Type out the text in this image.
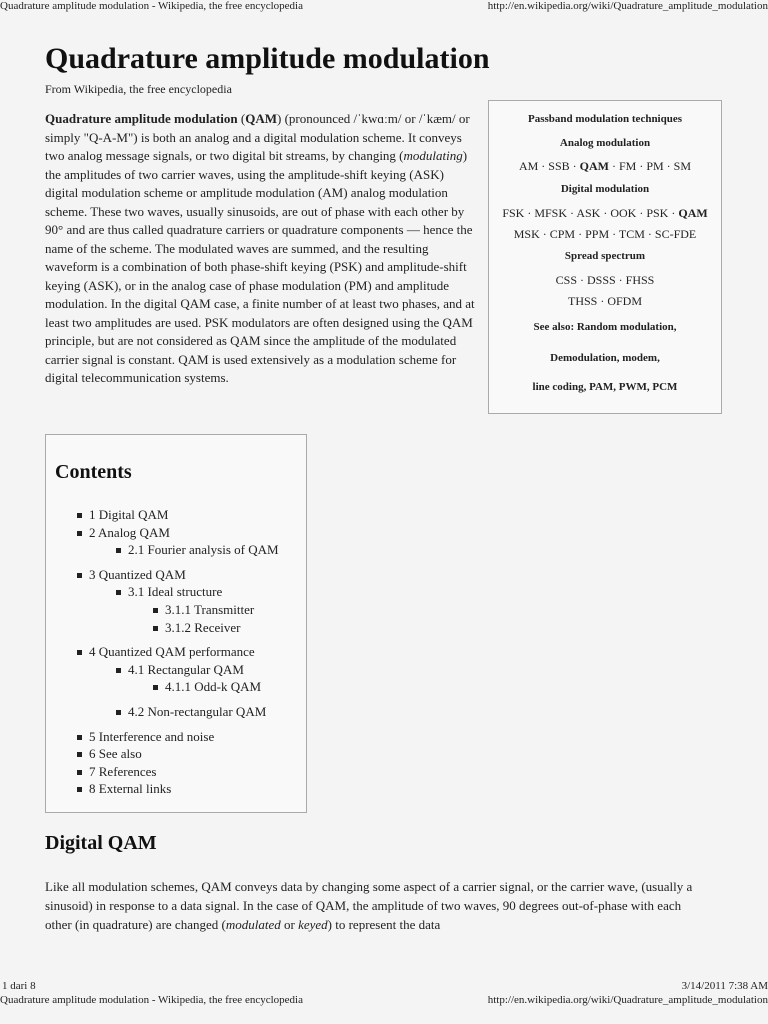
Quadrature amplitude modulation - Wikipedia, the free encyclopedia	http://en.wikipedia.org/wiki/Quadrature_amplitude_modulation
Quadrature amplitude modulation
From Wikipedia, the free encyclopedia

Quadrature amplitude modulation (QAM) (pronounced /ˈkwɑːm/ or /ˈkæm/ or simply "Q-A-M") is both an analog and a digital modulation scheme. It conveys two analog message signals, or two digital bit streams, by changing (modulating) the amplitudes of two carrier waves, using the amplitude-shift keying (ASK) digital modulation scheme or amplitude modulation (AM) analog modulation scheme. These two waves, usually sinusoids, are out of phase with each other by 90° and are thus called quadrature carriers or quadrature components — hence the name of the scheme. The modulated waves are summed, and the resulting waveform is a combination of both phase-shift keying (PSK) and amplitude-shift keying (ASK), or in the analog case of phase modulation (PM) and amplitude modulation. In the digital QAM case, a finite number of at least two phases, and at least two amplitudes are used. PSK modulators are often designed using the QAM principle, but are not considered as QAM since the amplitude of the modulated carrier signal is constant. QAM is used extensively as a modulation scheme for digital telecommunication systems.

Passband modulation techniques
Analog modulation
AM · SSB · QAM · FM · PM · SM
Digital modulation
FSK · MFSK · ASK · OOK · PSK · QAM
MSK · CPM · PPM · TCM · SC-FDE
Spread spectrum
CSS · DSSS · FHSS
THSS · OFDM
See also: Random modulation,
Demodulation, modem,
line coding, PAM, PWM, PCM
Contents
1 Digital QAM
2 Analog QAM
2.1 Fourier analysis of QAM
3 Quantized QAM
3.1 Ideal structure
3.1.1 Transmitter
3.1.2 Receiver
4 Quantized QAM performance
4.1 Rectangular QAM
4.1.1 Odd-k QAM
4.2 Non-rectangular QAM
5 Interference and noise
6 See also
7 References
8 External links
Digital QAM

Like all modulation schemes, QAM conveys data by changing some aspect of a carrier signal, or the carrier wave, (usually a sinusoid) in response to a data signal. In the case of QAM, the amplitude of two waves, 90 degrees out-of-phase with each other (in quadrature) are changed (modulated or keyed) to represent the data

1 dari 8	3/14/2011 7:38 AM
Quadrature amplitude modulation - Wikipedia, the free encyclopedia	http://en.wikipedia.org/wiki/Quadrature_amplitude_modulation
